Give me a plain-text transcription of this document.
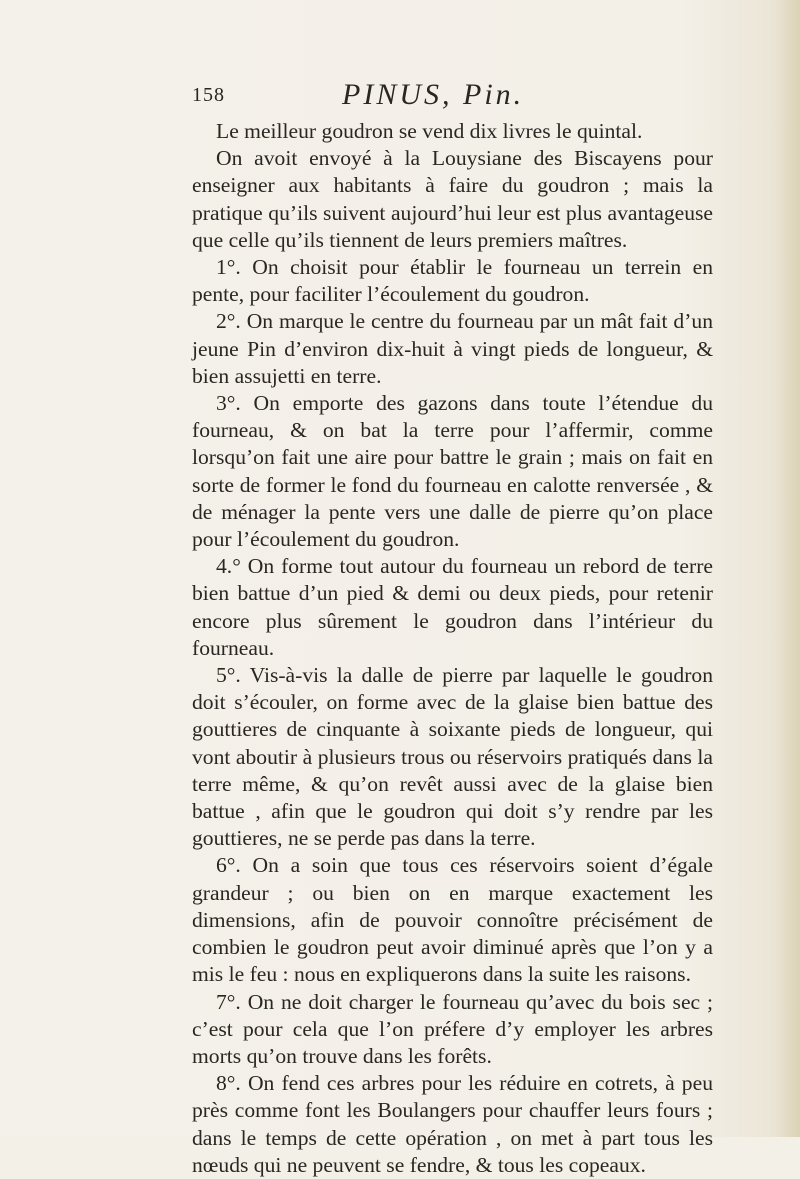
158	PINUS, Pin.

Le meilleur goudron se vend dix livres le quintal.

On avoit envoyé à la Louysiane des Biscayens pour enseigner aux habitants à faire du goudron ; mais la pratique qu’ils suivent aujourd’hui leur est plus avantageuse que celle qu’ils tiennent de leurs premiers maîtres.

1°. On choisit pour établir le fourneau un terrein en pente, pour faciliter l’écoulement du goudron.

2°. On marque le centre du fourneau par un mât fait d’un jeune Pin d’environ dix-huit à vingt pieds de longueur, & bien assujetti en terre.

3°. On emporte des gazons dans toute l’étendue du fourneau, & on bat la terre pour l’affermir, comme lorsqu’on fait une aire pour battre le grain ; mais on fait en sorte de former le fond du fourneau en calotte renversée , & de ménager la pente vers une dalle de pierre qu’on place pour l’écoulement du goudron.

4.° On forme tout autour du fourneau un rebord de terre bien battue d’un pied & demi ou deux pieds, pour retenir encore plus sûrement le goudron dans l’intérieur du fourneau.

5°. Vis-à-vis la dalle de pierre par laquelle le goudron doit s’écouler, on forme avec de la glaise bien battue des gouttieres de cinquante à soixante pieds de longueur, qui vont aboutir à plusieurs trous ou réservoirs pratiqués dans la terre même, & qu’on revêt aussi avec de la glaise bien battue , afin que le goudron qui doit s’y rendre par les gouttieres, ne se perde pas dans la terre.

6°. On a soin que tous ces réservoirs soient d’égale grandeur ; ou bien on en marque exactement les dimensions, afin de pouvoir connoître précisément de combien le goudron peut avoir diminué après que l’on y a mis le feu : nous en expliquerons dans la suite les raisons.

7°. On ne doit charger le fourneau qu’avec du bois sec ; c’est pour cela que l’on préfere d’y employer les arbres morts qu’on trouve dans les forêts.

8°. On fend ces arbres pour les réduire en cotrets, à peu près comme font les Boulangers pour chauffer leurs fours ; dans le temps de cette opération , on met à part tous les nœuds qui ne peuvent se fendre, & tous les copeaux.
